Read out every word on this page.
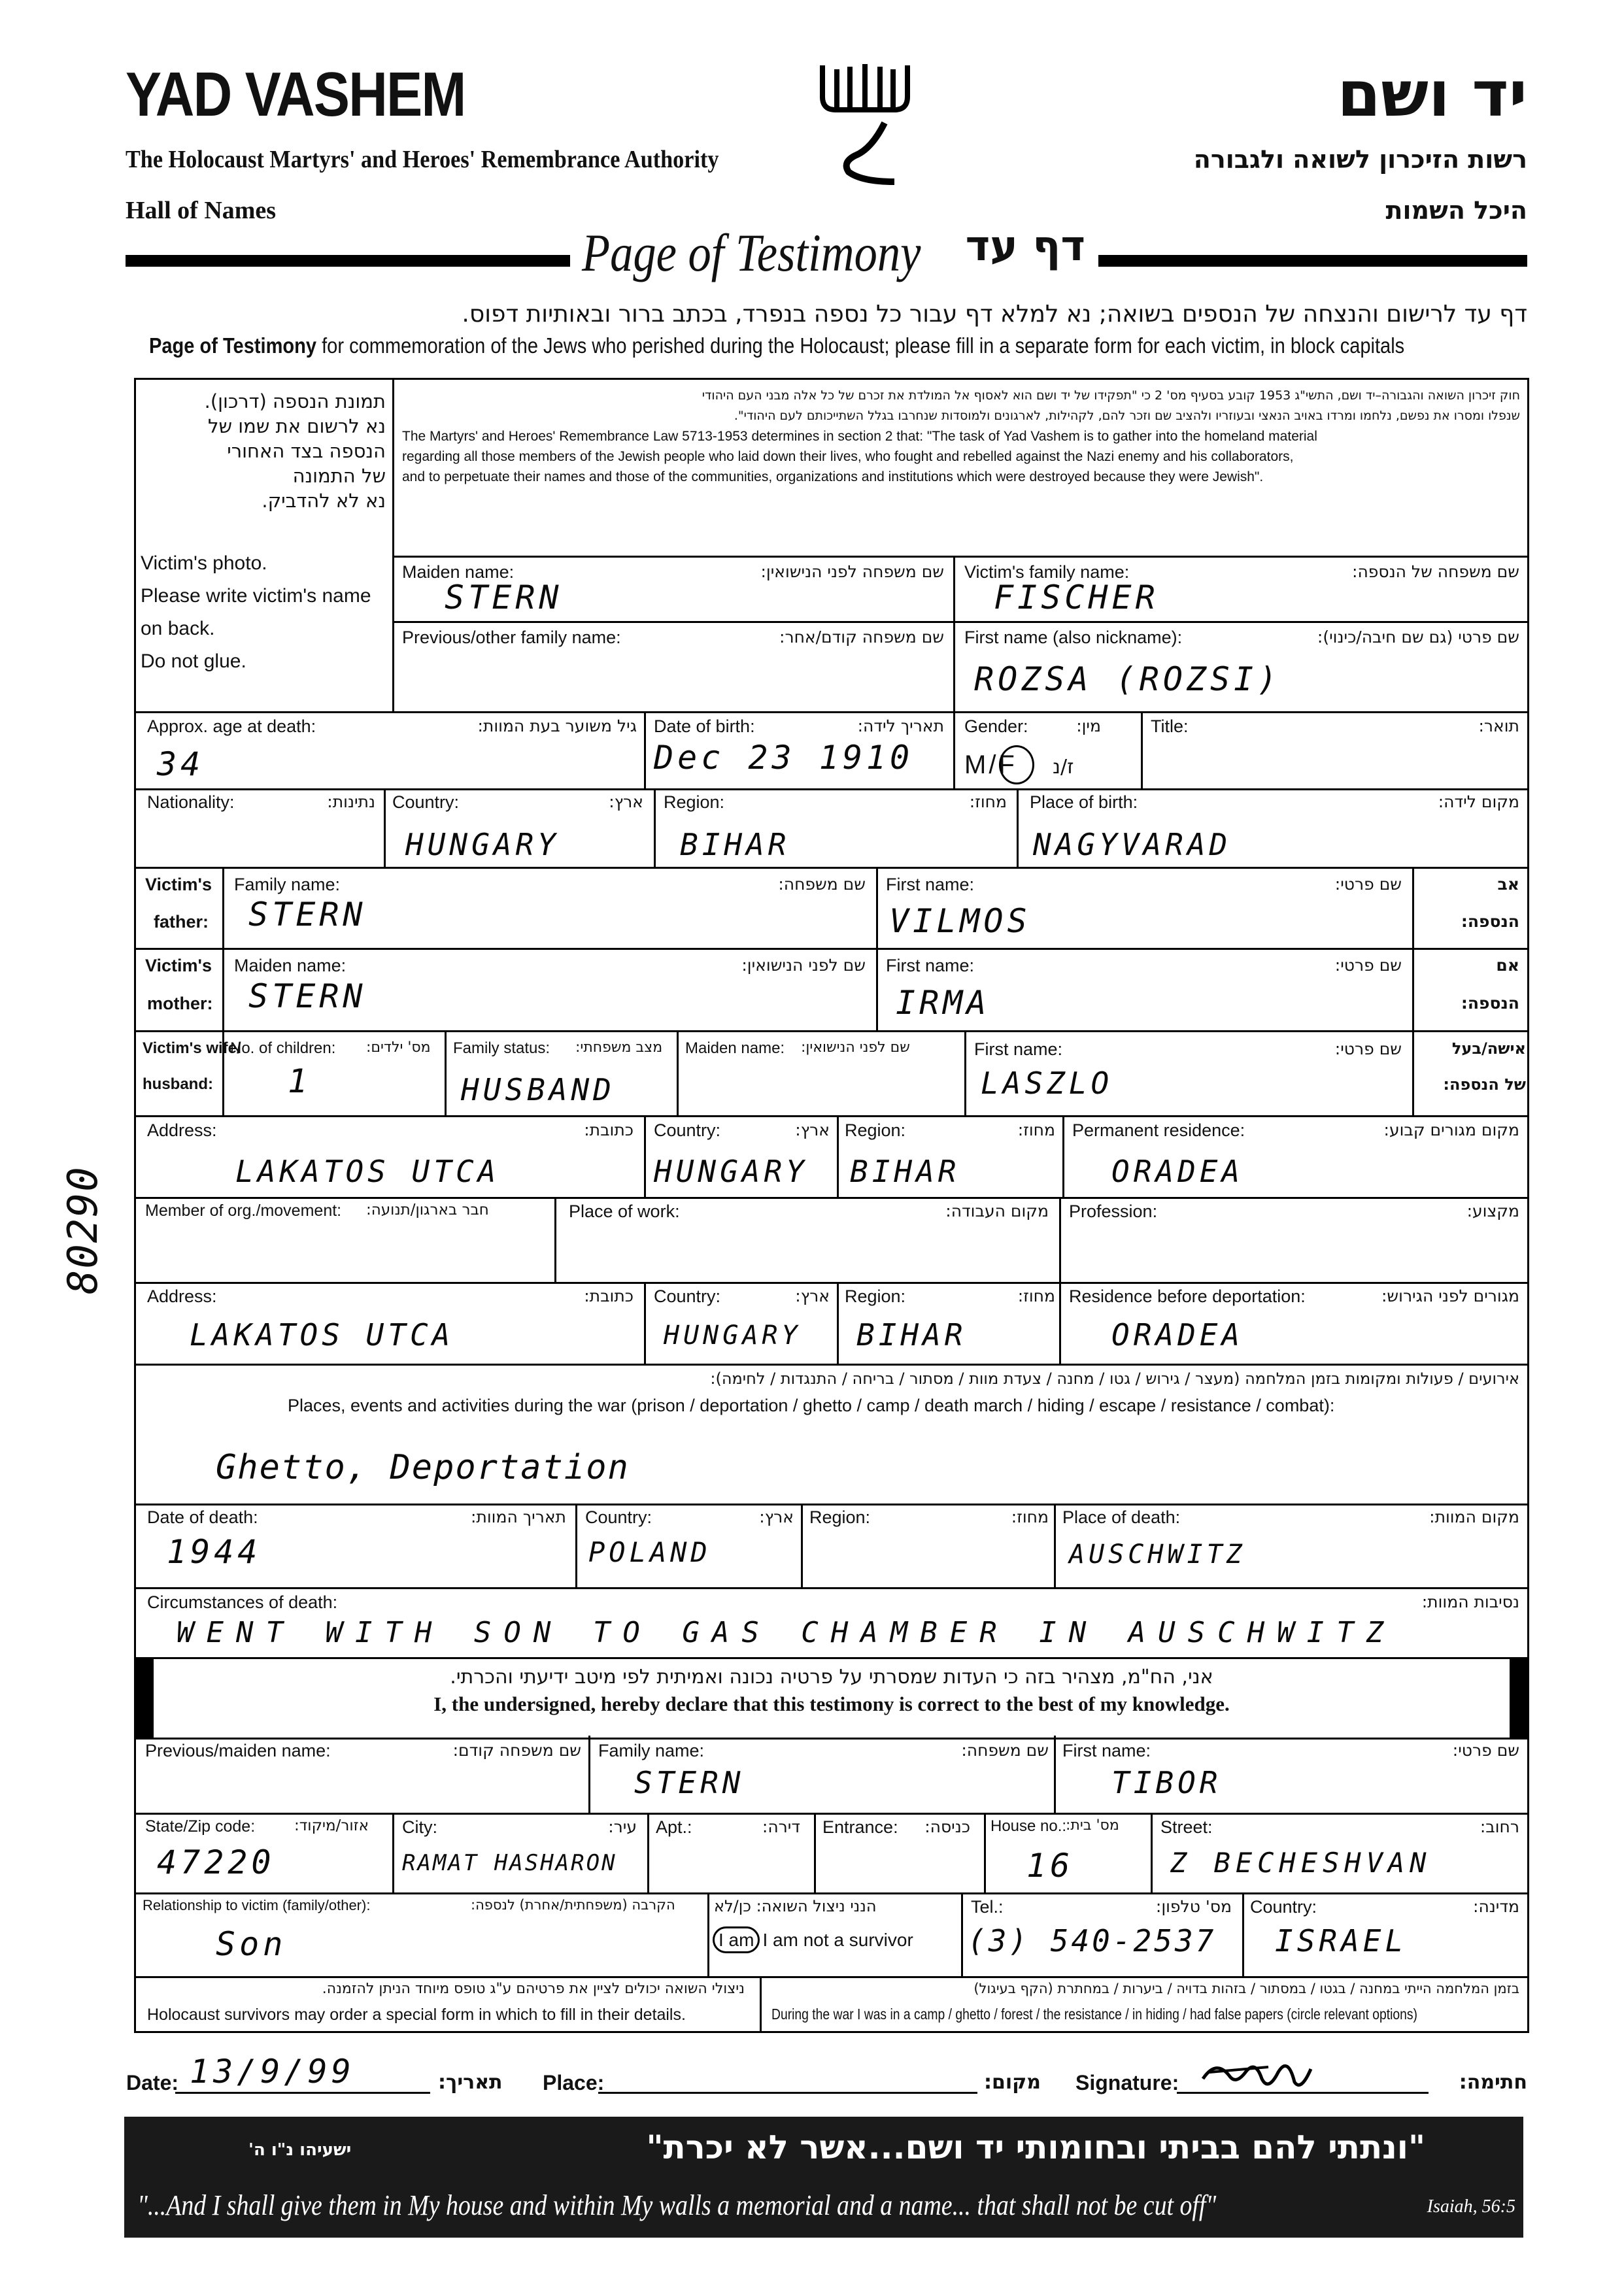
YAD VASHEM
The Holocaust Martyrs' and Heroes' Remembrance Authority
Hall of Names
יד ושם
רשות הזיכרון לשואה ולגבורה
היכל השמות
Page of Testimony	דף עד
דף עד לרישום והנצחה של הנספים בשואה; נא למלא דף עבור כל נספה בנפרד, בכתב ברור ובאותיות דפוס.
Page of Testimony for commemoration of the Jews who perished during the Holocaust; please fill in a separate form for each victim, in block capitals
תמונת הנספה (דרכון).
נא לרשום את שמו של
הנספה בצד האחורי
של התמונה
נא לא להדביק.
Victim's photo.
Please write victim's name
on back.
Do not glue.
חוק זיכרון השואה והגבורה–יד ושם, התשי"ג 1953 קובע בסעיף מס' 2 כי "תפקידו של יד ושם הוא לאסוף אל המולדת את זכרם של כל אלה מבני העם היהודי
שנפלו ומסרו את נפשם, נלחמו ומרדו באויב הנאצי ובעוזריו ולהציב שם וזכר להם, לקהילות, לארגונים ולמוסדות שנחרבו בגלל השתייכותם לעם היהודי".
The Martyrs' and Heroes' Remembrance Law 5713-1953 determines in section 2 that: "The task of Yad Vashem is to gather into the homeland material
regarding all those members of the Jewish people who laid down their lives, who fought and rebelled against the Nazi enemy and his collaborators,
and to perpetuate their names and those of the communities, organizations and institutions which were destroyed because they were Jewish".
Maiden name:	שם משפחה לפני הנישואין:
STERN
Victim's family name:	שם משפחה של הנספה:
FISCHER
Previous/other family name:	שם משפחה קודם/אחר: First name (also nickname):	שם פרטי (גם שם חיבה/כינוי):
ROZSA (ROZSI)
Approx. age at death:	גיל משוער בעת המוות:
34
Date of birth:	תאריך לידה:
Dec 23 1910
Gender:	מין:
M/F ז/נ
Title:	תואר:
Nationality:	נתינות: Country:	ארץ:
HUNGARY
Region:	מחוז:
BIHAR
Place of birth:	מקום לידה:
NAGYVARAD
Victim's
father:
Family name:	שם משפחה:
STERN
First name:	שם פרטי:
VILMOS
אב
הנספה:
Victim's
mother:
Maiden name:	שם לפני הנישואין:
STERN
First name:	שם פרטי:
IRMA
אם
הנספה:
Victim's wife/
husband:
No. of children: מס' ילדים:
1
Family status: מצב משפחתי:
HUSBAND
Maiden name: שם לפני הנישואין:	First name:	שם פרטי:
LASZLO
אישה/בעל
של הנספה:
Address:	כתובת:
LAKATOS UTCA
Country:	ארץ:
HUNGARY
Region:	מחוז:
BIHAR
Permanent residence:	מקום מגורים קבוע:
ORADEA
Member of org./movement: חבר בארגון/תנועה:	Place of work:	מקום העבודה: Profession:	מקצוע:
Address:	כתובת:
LAKATOS UTCA
Country:	ארץ:
HUNGARY
Region:	מחוז:
BIHAR
Residence before deportation:	מגורים לפני הגירוש:
ORADEA
אירועים / פעולות ומקומות בזמן המלחמה (מעצר / גירוש / גטו / מחנה / צעדת מוות / מסתור / בריחה / התנגדות / לחימה):
Places, events and activities during the war (prison / deportation / ghetto / camp / death march / hiding / escape / resistance / combat):
Ghetto, Deportation
Date of death:	תאריך המוות:
1944
Country:	ארץ:
POLAND
Region:	מחוז: Place of death:	מקום המוות:
AUSCHWITZ
Circumstances of death:	נסיבות המוות:
WENT WITH SON TO GAS CHAMBER IN AUSCHWITZ
אני, הח"מ, מצהיר בזה כי העדות שמסרתי על פרטיה נכונה ואמיתית לפי מיטב ידיעתי והכרתי.
I, the undersigned, hereby declare that this testimony is correct to the best of my knowledge.
Previous/maiden name:	שם משפחה קודם: Family name:	שם משפחה:
STERN
First name:	שם פרטי:
TIBOR
State/Zip code:	אזור/מיקוד:
47220
City:	עיר:
RAMAT HASHARON
Apt.:	דירה: Entrance: כניסה: House no.:
מס' בית:
16
Street:	רחוב:
Z BECHESHVAN
Relationship to victim (family/other):	הקרבה (משפחתית/אחרת) לנספה:
Son
הנני ניצול השואה: כן/לא
I am I am not a survivor
Tel.:	מס' טלפון:
(3) 540-2537
Country:	מדינה:
ISRAEL
ניצולי השואה יכולים לציין את פרטיהם ע"ג טופס מיוחד הניתן להזמנה.
Holocaust survivors may order a special form in which to fill in their details.
בזמן המלחמה הייתי במחנה / בגטו / במסתור / בזהות בדויה / ביערות / במחתרת (הקף בעיגול)
During the war I was in a camp / ghetto / forest / the resistance / in hiding / had false papers (circle relevant options)
Date: 13/9/99	תאריך: Place:	מקום: Signature:	חתימה:
"ונתתי להם בביתי ובחומותי יד ושם...אשר לא יכרת"
ישעיהו נ"ו ה'
"...And I shall give them in My house and within My walls a memorial and a name... that shall not be cut off"	Isaiah, 56:5
80290
